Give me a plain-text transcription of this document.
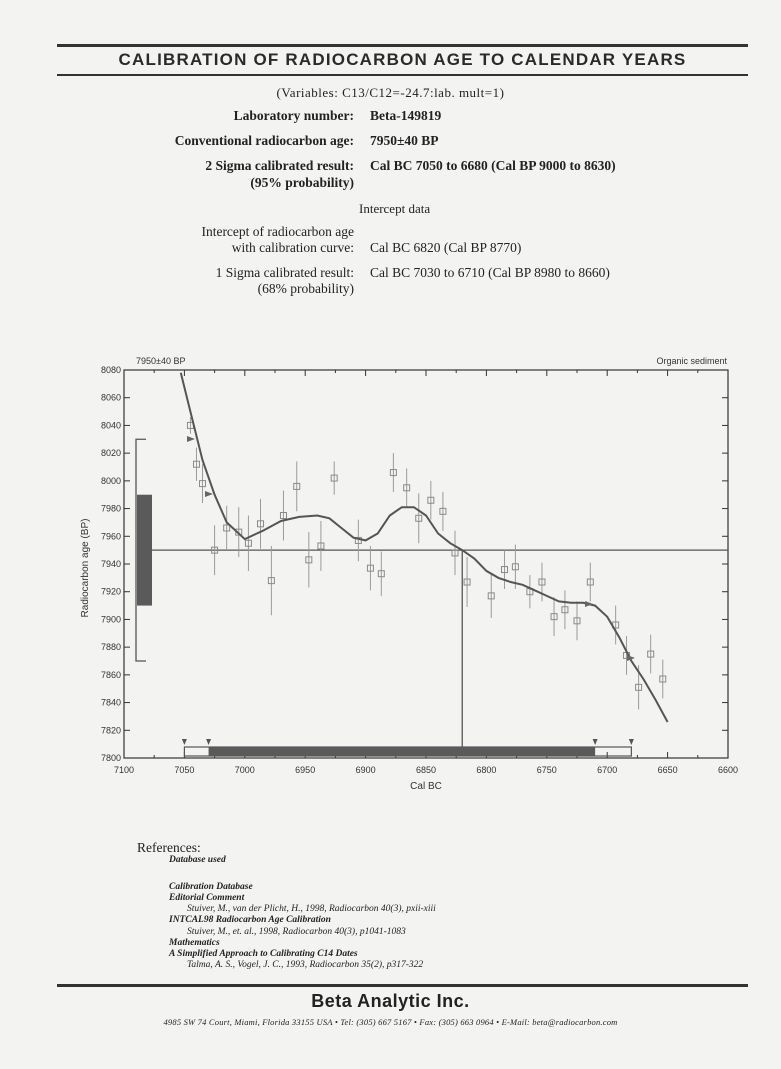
CALIBRATION OF RADIOCARBON AGE TO CALENDAR YEARS
(Variables: C13/C12=-24.7:lab. mult=1)
Laboratory number: Beta-149819
Conventional radiocarbon age: 7950±40 BP
2 Sigma calibrated result: Cal BC 7050 to 6680 (Cal BP 9000 to 8630)
(95% probability)
Intercept data
Intercept of radiocarbon age
with calibration curve: Cal BC 6820 (Cal BP 8770)
1 Sigma calibrated result: Cal BC 7030 to 6710 (Cal BP 8980 to 8660)
(68% probability)
7950±40 BP	Organic sediment
Cal BC
Radiocarbon age (BP)
7100	7050	7000	6950	6900	6850	6800	6750	6700	6650	6600
8080
8060
8040
8020
8000
7980
7960
7940
7920
7900
7880
7860
7840
7820
7800
References:
Database used
Calibration Database
Editorial Comment
Stuiver, M., van der Plicht, H., 1998, Radiocarbon 40(3), pxii-xiii
INTCAL98 Radiocarbon Age Calibration
Stuiver, M., et. al., 1998, Radiocarbon 40(3), p1041-1083
Mathematics
A Simplified Approach to Calibrating C14 Dates
Talma, A. S., Vogel, J. C., 1993, Radiocarbon 35(2), p317-322
Beta Analytic Inc.
4985 SW 74 Court, Miami, Florida 33155 USA • Tel: (305) 667 5167 • Fax: (305) 663 0964 • E-Mail: beta@radiocarbon.com
